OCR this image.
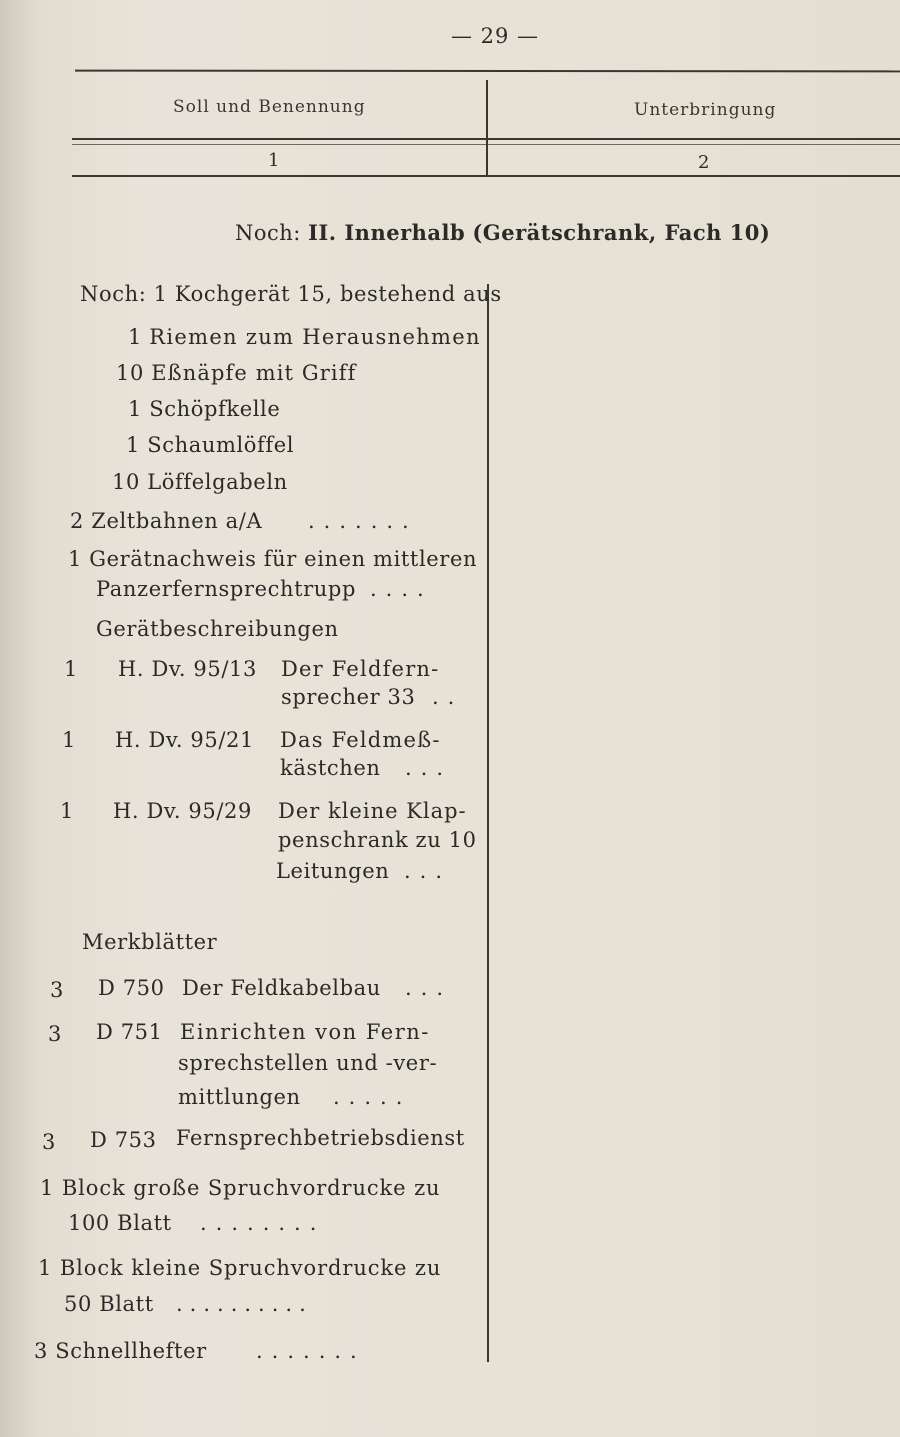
— 29 —
Soll und Benennung	Unterbringung
1	2
Noch: II. Innerhalb (Gerätschrank, Fach 10)
Noch: 1 Kochgerät 15, bestehend aus
1 Riemen zum Herausnehmen
10 Eßnäpfe mit Griff
1 Schöpfkelle
1 Schaumlöffel
10 Löffelgabeln
2 Zeltbahnen a/A .......
1 Gerätnachweis für einen mittleren
Panzerfernsprechtrupp ....
Gerätbeschreibungen
1 H. Dv. 95/13 Der Feldfern-
sprecher 33 ..
1 H. Dv. 95/21 Das Feldmeß-
kästchen ...
1 H. Dv. 95/29 Der kleine Klap-
penschrank zu 10
Leitungen ...
Merkblätter
3 D 750 Der Feldkabelbau ...
3 D 751 Einrichten von Fern-
sprechstellen und -ver-
mittlungen .....
3 D 753 Fernsprechbetriebsdienst
1 Block große Spruchvordrucke zu
100 Blatt ........
1 Block kleine Spruchvordrucke zu
50 Blatt ..........
3 Schnellhefter .......
